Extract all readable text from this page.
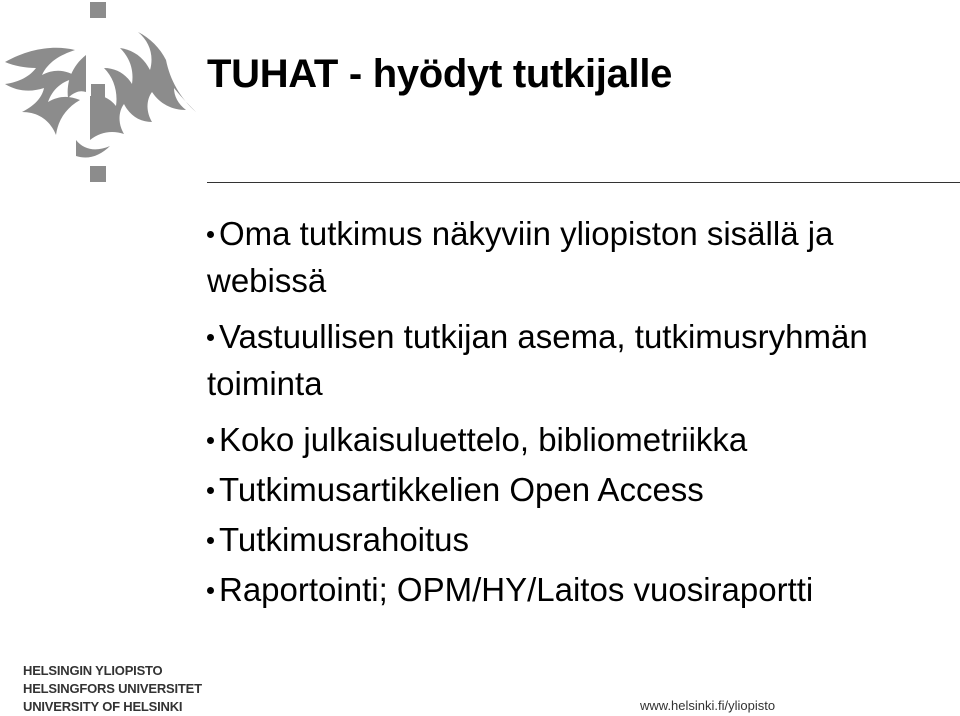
TUHAT - hyödyt tutkijalle
Oma tutkimus näkyviin yliopiston sisällä ja webissä
Vastuullisen tutkijan asema, tutkimusryhmän toiminta
Koko julkaisuluettelo, bibliometriikka
Tutkimusartikkelien Open Access
Tutkimusrahoitus
Raportointi; OPM/HY/Laitos vuosiraportti
HELSINGIN YLIOPISTO
HELSINGFORS UNIVERSITET
UNIVERSITY OF HELSINKI	www.helsinki.fi/yliopisto
